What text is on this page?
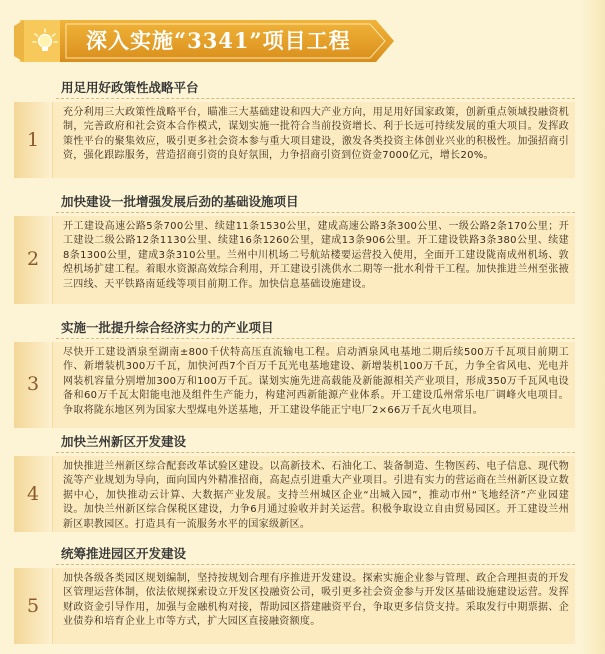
深入实施“3341”项目工程
用足用好政策性战略平台
1
充分利用三大政策性战略平台，瞄准三大基础建设和四大产业方向，用足用好国家政策，创新重点领域投融资机制，完善政府和社会资本合作模式，谋划实施一批符合当前投资增长、利于长远可持续发展的重大项目。发挥政策性平台的聚集效应，吸引更多社会资本参与重大项目建设，激发各类投资主体创业兴业的积极性。加强招商引资，强化跟踪服务，营造招商引资的良好氛围，力争招商引资到位资金7000亿元，增长20%。
加快建设一批增强发展后劲的基础设施项目
2
开工建设高速公路5条700公里、续建11条1530公里，建成高速公路3条300公里、一级公路2条170公里；开工建设二级公路12条1130公里、续建16条1260公里，建成13条906公里。开工建设铁路3条380公里、续建8条1300公里，建成3条310公里。兰州中川机场二号航站楼要运营投入使用，全面开工建设陇南成州机场、敦煌机场扩建工程。着眼水资源高效综合利用，开工建设引洮供水二期等一批水利骨干工程。加快推进兰州至张掖三四线、天平铁路南延线等项目前期工作。加快信息基础设施建设。
实施一批提升综合经济实力的产业项目
3
尽快开工建设酒泉至湖南±800千伏特高压直流输电工程。启动酒泉风电基地二期后续500万千瓦项目前期工作、新增装机300万千瓦，加快河西7个百万千瓦光电基地建设、新增装机100万千瓦，力争全省风电、光电并网装机容量分别增加300万和100万千瓦。谋划实施先进高载能及新能源相关产业项目，形成350万千瓦风电设备和60万千瓦太阳能电池及组件生产能力，构建河西新能源产业体系。开工建设瓜州常乐电厂调峰火电项目。争取将陇东地区列为国家大型煤电外送基地，开工建设华能正宁电厂2×66万千瓦火电项目。
加快兰州新区开发建设
4
加快推进兰州新区综合配套改革试验区建设。以高新技术、石油化工、装备制造、生物医药、电子信息、现代物流等产业规划为导向，面向国内外精准招商，高起点引进重大产业项目。引进有实力的营运商在兰州新区设立数据中心，加快推动云计算、大数据产业发展。支持兰州城区企业“出城入园”，推动市州“飞地经济”产业园建设。加快兰州新区综合保税区建设，力争6月通过验收并封关运营。积极争取设立自由贸易园区。开工建设兰州新区职教园区。打造具有一流服务水平的国家级新区。
统筹推进园区开发建设
5
加快各级各类园区规划编制，坚持按规划合理有序推进开发建设。探索实施企业参与管理、政企合理担责的开发区管理运营体制，依法依规探索设立开发区投融资公司，吸引更多社会资金参与开发区基础设施建设运营。发挥财政资金引导作用，加强与金融机构对接，帮助园区搭建融资平台，争取更多信贷支持。采取发行中期票据、企业债券和培育企业上市等方式，扩大园区直接融资额度。
